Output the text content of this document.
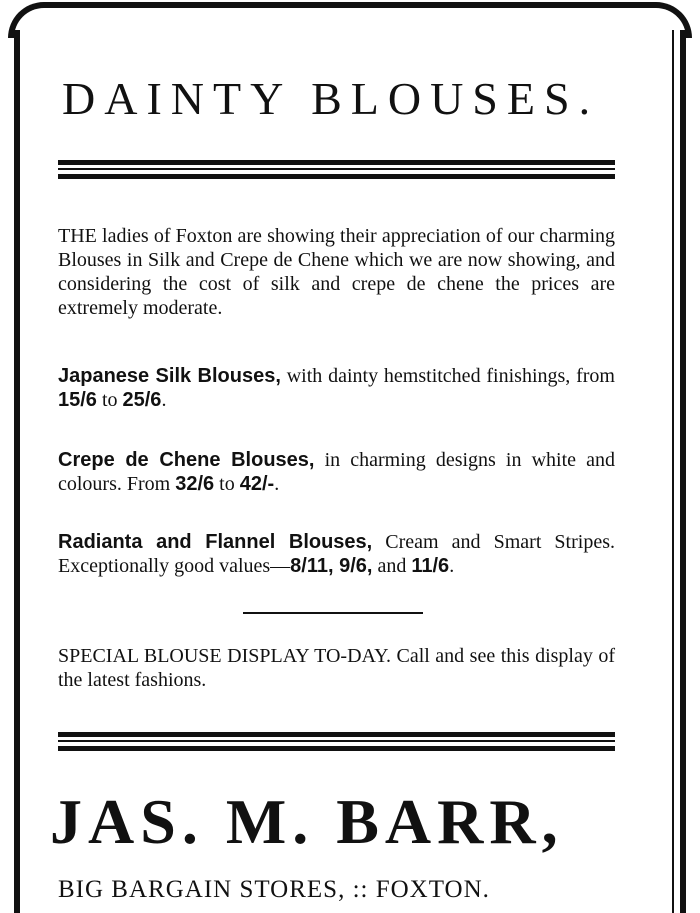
DAINTY BLOUSES.

THE ladies of Foxton are showing their appreciation of our charming Blouses in Silk and Crepe de Chene which we are now showing, and considering the cost of silk and crepe de chene the prices are extremely moderate.

Japanese Silk Blouses, with dainty hemstitched finishings, from 15/6 to 25/6.

Crepe de Chene Blouses, in charming designs in white and colours. From 32/6 to 42/-.

Radianta and Flannel Blouses, Cream and Smart Stripes. Exceptionally good values—8/11, 9/6, and 11/6.

SPECIAL BLOUSE DISPLAY TO-DAY. Call and see this display of the latest fashions.

JAS. M. BARR,

BIG BARGAIN STORES, :: FOXTON.
